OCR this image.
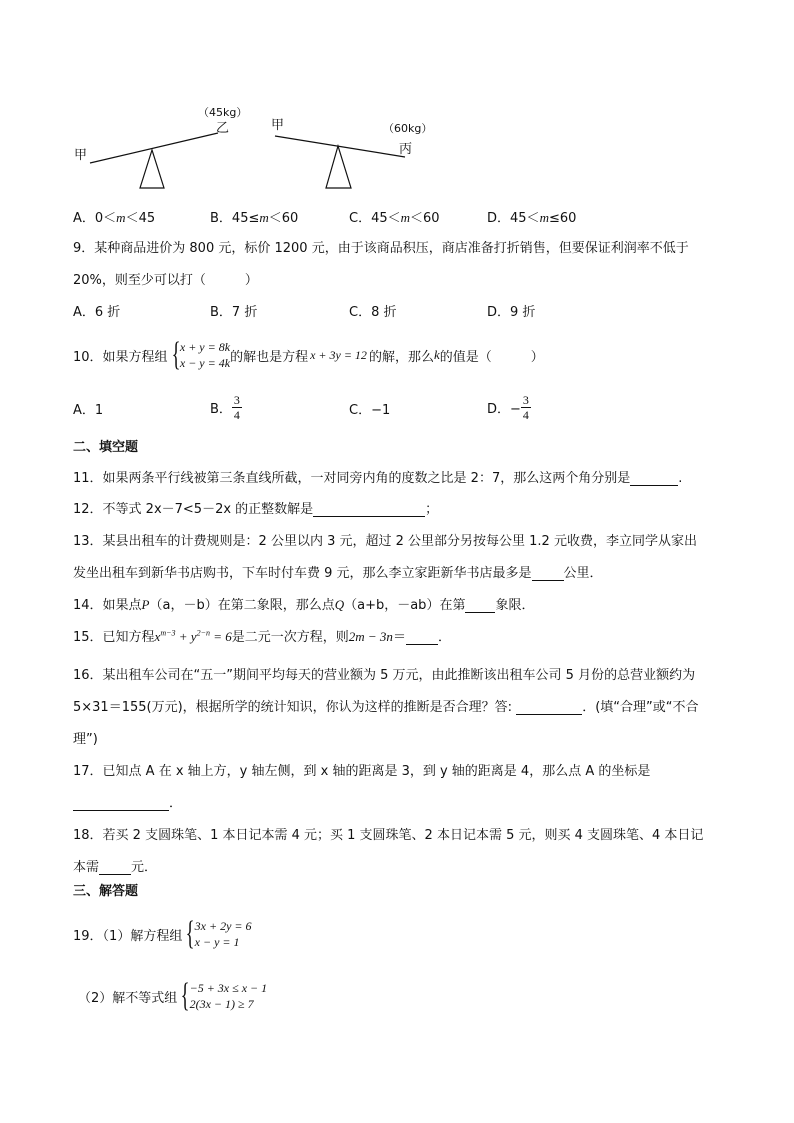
甲
（45kg）
乙	甲	（60kg）
丙
A．0＜m＜45	B．45≤m＜60	C．45＜m＜60	D．45＜m≤60
9．某种商品进价为 800 元，标价 1200 元，由于该商品积压，商店准备打折销售，但要保证利润率不低于
20%，则至少可以打（　　　）
A．6 折	B．7 折	C．8 折	D．9 折
10．如果方程组 { x + y = 8k
x − y = 4k 的解也是方程 x + 3y = 12 的解，那么 k 的值是（　　　）
A．1	B． $\frac{3}{4}$	C．−1	D．− $\frac{3}{4}$
二、填空题
11．如果两条平行线被第三条直线所截，一对同旁内角的度数之比是 2：7，那么这两个角分别是	.
12．不等式 2x－7<5－2x 的正整数解是	；
13．某县出租车的计费规则是：2 公里以内 3 元，超过 2 公里部分另按每公里 1.2 元收费，李立同学从家出
发坐出租车到新华书店购书，下车时付车费 9 元，那么李立家距新华书店最多是 公里．
14．如果点P（a，－b）在第二象限，那么点Q（a+b，－ab）在第 象限．
15．已知方程$x^{m-3} + y^{2-n} = 6$是二元一次方程，则2m − 3n＝ ．
16．某出租车公司在“五一”期间平均每天的营业额为 5 万元，由此推断该出租车公司 5 月份的总营业额约为
5×31＝155(万元)，根据所学的统计知识，你认为这样的推断是否合理？答:	．(填“合理”或“不合
理”)
17．已知点 A 在 x 轴上方，y 轴左侧，到 x 轴的距离是 3，到 y 轴的距离是 4，那么点 A 的坐标是
．
18．若买 2 支圆珠笔、1 本日记本需 4 元；买 1 支圆珠笔、2 本日记本需 5 元，则买 4 支圆珠笔、4 本日记
本需 元．
三、解答题
19．（1）解方程组 { 3x + 2y = 6
x − y = 1
（2）解不等式组 { −5 + 3x ≤ x − 1
2(3x − 1) ≥ 7
